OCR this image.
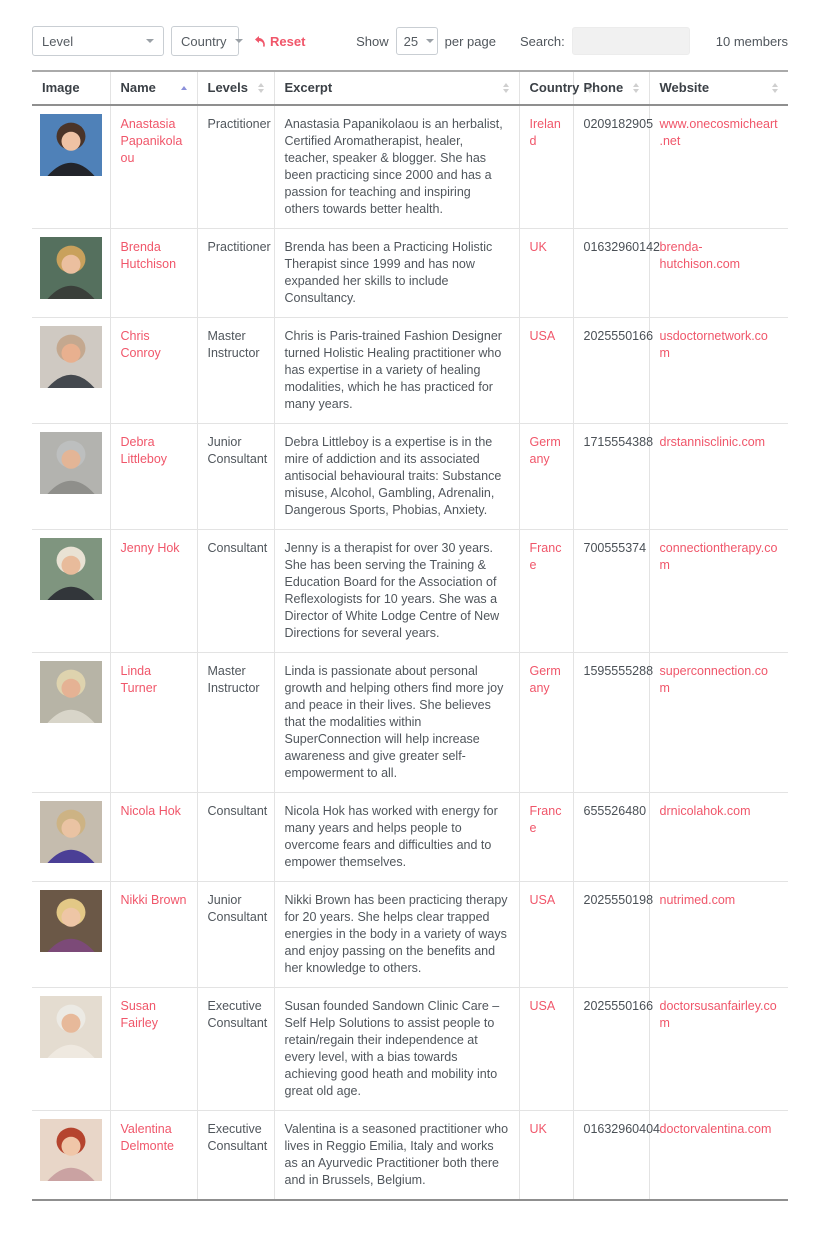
Level	Country	Reset	Show 25 per page Search:	10 members
Image	Name	Levels	Excerpt	Country	Phone	Website

	Anastasia Papanikolaou	Practitioner	Anastasia Papanikolaou is an herbalist, Certified Aromatherapist, healer, teacher, speaker & blogger. She has been practicing since 2000 and has a passion for teaching and inspiring others towards better health.	Ireland	0209182905	www.onecosmicheart.net

	Brenda Hutchison	Practitioner	Brenda has been a Practicing Holistic Therapist since 1999 and has now expanded her skills to include Consultancy.	UK	01632960142	brenda-hutchison.com

	Chris Conroy	Master Instructor	Chris is Paris-trained Fashion Designer turned Holistic Healing practitioner who has expertise in a variety of healing modalities, which he has practiced for many years.	USA	2025550166	usdoctornetwork.com

	Debra Littleboy	Junior Consultant	Debra Littleboy is a expertise is in the mire of addiction and its associated antisocial behavioural traits: Substance misuse, Alcohol, Gambling, Adrenalin, Dangerous Sports, Phobias, Anxiety.	Germany	1715554388	drstannisclinic.com

	Jenny Hok	Consultant	Jenny is a therapist for over 30 years. She has been serving the Training & Education Board for the Association of Reflexologists for 10 years. She was a Director of White Lodge Centre of New Directions for several years.	France	700555374	connectiontherapy.com

	Linda Turner	Master Instructor	Linda is passionate about personal growth and helping others find more joy and peace in their lives. She believes that the modalities within SuperConnection will help increase awareness and give greater self-empowerment to all.	Germany	1595555288	superconnection.com

	Nicola Hok	Consultant	Nicola Hok has worked with energy for many years and helps people to overcome fears and difficulties and to empower themselves.	France	655526480	drnicolahok.com

	Nikki Brown	Junior Consultant	Nikki Brown has been practicing therapy for 20 years. She helps clear trapped energies in the body in a variety of ways and enjoy passing on the benefits and her knowledge to others.	USA	2025550198	nutrimed.com

	Susan Fairley	Executive Consultant	Susan founded Sandown Clinic Care – Self Help Solutions to assist people to retain/regain their independence at every level, with a bias towards achieving good heath and mobility into great old age.	USA	2025550166	doctorsusanfairley.com

	Valentina Delmonte	Executive Consultant	Valentina is a seasoned practitioner who lives in Reggio Emilia, Italy and works as an Ayurvedic Practitioner both there and in Brussels, Belgium.	UK	01632960404	doctorvalentina.com
